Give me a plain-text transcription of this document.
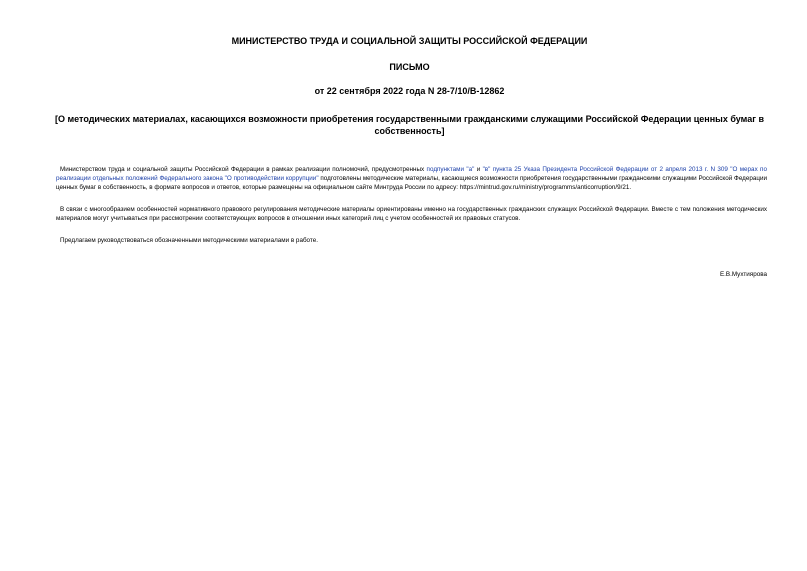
МИНИСТЕРСТВО ТРУДА И СОЦИАЛЬНОЙ ЗАЩИТЫ РОССИЙСКОЙ ФЕДЕРАЦИИ

ПИСЬМО

от 22 сентября 2022 года N 28-7/10/В-12862

[О методических материалах, касающихся возможности приобретения государственными гражданскими служащими Российской Федерации ценных бумаг в собственность]

Министерством труда и социальной защиты Российской Федерации в рамках реализации полномочий, предусмотренных подпунктами "а" и "в" пункта 25 Указа Президента Российской Федерации от 2 апреля 2013 г. N 309 "О мерах по реализации отдельных положений Федерального закона "О противодействии коррупции" подготовлены методические материалы, касающиеся возможности приобретения государственными гражданскими служащими Российской Федерации ценных бумаг в собственность, в формате вопросов и ответов, которые размещены на официальном сайте Минтруда России по адресу: https://mintrud.gov.ru/ministry/programms/anticorruption/9/21.

В связи с многообразием особенностей нормативного правового регулирования методические материалы ориентированы именно на государственных гражданских служащих Российской Федерации. Вместе с тем положения методических материалов могут учитываться при рассмотрении соответствующих вопросов в отношении иных категорий лиц с учетом особенностей их правовых статусов.

Предлагаем руководствоваться обозначенными методическими материалами в работе.

Е.В.Мухтиярова
